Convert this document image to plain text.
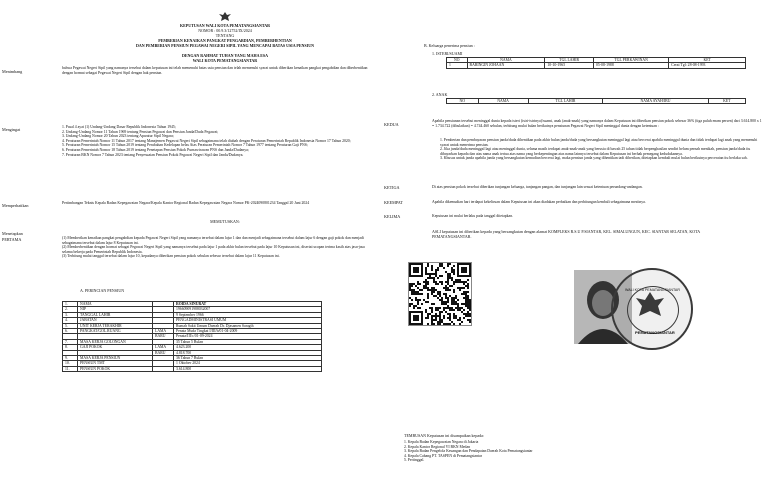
KEPUTUSAN WALI KOTA PEMATANGSIANTAR
NOMOR : 00.9.3/12752/IX/2024
TENTANG
PEMBERIAN KENAIKAN PANGKAT PENGABDIAN, PEMBERHENTIAN
DAN PEMBERIAN PENSIUN PEGAWAI NEGERI SIPIL YANG MENCAPAI BATAS USIA PENSIUN
DENGAN RAHMAT TUHAN YANG MAHA ESA
WALI KOTA PEMATANGSIANTAR
Menimbang
bahwa Pegawai Negeri Sipil yang namanya tersebut dalam keputusan ini telah memenuhi batas usia pensiun dan telah memenuhi syarat untuk diberikan kenaikan pangkat pengabdian dan diberhentikan dengan hormat sebagai Pegawai Negeri Sipil dengan hak pensiun.
Mengingat	1. Pasal 4 ayat (1) Undang-Undang Dasar Republik Indonesia Tahun 1945;

2. Undang-Undang Nomor 11 Tahun 1969 tentang Pensiun Pegawai dan Pensiun Janda/Duda Pegawai;

3. Undang-Undang Nomor 20 Tahun 2023 tentang Aparatur Sipil Negara;

4. Peraturan Pemerintah Nomor 11 Tahun 2017 tentang Manajemen Pegawai Negeri Sipil sebagaimana telah diubah dengan Peraturan Pemerintah Republik Indonesia Nomor 17 Tahun 2020;

5. Peraturan Pemerintah Nomor 15 Tahun 2019 tentang Perubahan Kedelapan belas Atas Peraturan Pemerintah Nomor 7 Tahun 1977 tentang Peraturan Gaji PNS;

6. Peraturan Pemerintah Nomor 18 Tahun 2019 tentang Penetapan Pensiun Pokok Purnawirawan PNS dan Janda/Dudanya;

7. Peraturan BKN Nomor 7 Tahun 2023 tentang Penyesuaian Pensiun Pokok Pegawai Negeri Sipil dan Janda/Dudanya.

Memperhatikan	Pertimbangan Teknis Kepala Badan Kepegawaian Negara/Kepala Kantor Regional Badan Kepegawaian Negara Nomor PK-2024090801234 Tanggal 20 Juni 2024
MEMUTUSKAN:
Menetapkan
PERTAMA	(1) Memberikan kenaikan pangkat pengabdian kepada Pegawai Negeri Sipil yang namanya tersebut dalam lajur 1 dan dan menjadi sebagaimana tersebut dalam lajur 6 dengan gaji pokok dan menjadi sebagaimana tersebut dalam lajur 8 Keputusan ini.

(2) Memberhentikan dengan hormat sebagai Pegawai Negeri Sipil yang namanya tersebut pada lajur 1 pada akhir bulan tersebut pada lajur 10 Keputusan ini, disertai ucapan terima kasih atas jasa-jasa selama bekerja pada Pemerintah Republik Indonesia.

(3) Terhitung mulai tanggal tersebut dalam lajur 10, kepadanya diberikan pensiun pokok sebulan sebesar tersebut dalam lajur 11 Keputusan ini.

A. PERINCIAN PENSIUN
1.	NAMA		ROIDA SINURAT
2.	NIP		196609091988032007
3.	TANGGAL LAHIR		9 September 1966
4.	JABATAN		PENGADMINISTRASI UMUM
5.	UNIT KERJA TERAKHIR		Rumah Sakit Umum Daerah Dr. Djasamen Saragih
6.	PANGKAT/GOL.RUANG	LAMA	Penata Muda Tingkat I/III/b/01-04-2009
		BARU	Penata/III/c/01-09-2024
7.	MASA KERJA GOLONGAN		35 Tahun 5 Bulan
8.	GAJI POKOK	LAMA	4.623.200
		BARU	4.818.700
9.	MASA KERJA PENSIUN		36 Tahun 7 Bulan
10.	PENSIUN TMT		1 Oktober 2024
11.	PENSIUN POKOK		3.614.800
B. Keluarga penerima pensiun :
1. ISTERI/SUAMI
NO	NAMA	TGL LAHIR	TGL PERKAWINAN	KET
1	BARINGIN JOHAAN	10-10-1965	05-08-1988	Cerai Tgl: 28-08-1993
2. ANAK
NO	NAMA	TGL LAHIR	NAMA AYAH/IBU	KET
KEDUA
Apabila pensiunan tersebut meninggal dunia kepada isteri (istri-istrinya)/suami, anak (anak-anak) yang namanya dalam Keputusan ini diberikan pensiun pokok sebesar 36% (tiga puluh enam persen) dari 3.614.800 x 1 = 1.734.722 (dibulatkan) = 4.744.460 sebulan, terhitung mulai bulan berikutnya pensiunan Pegawai Negeri Sipil meninggal dunia dengan ketentuan :

1. Pemberian dan pembayaran pensiun janda/duda dihentikan pada akhir bulan janda/duda yang bersangkutan meninggal lagi atau bercerai apabila meninggal dunia dan tidak terdapat lagi anak yang memenuhi syarat untuk menerima pensiun.

2. Jika janda/duda meninggal lagi atau meninggal dunia, selama masih terdapat anak-anak-anak yang berusia di bawah 25 tahun tidak berpenghasilan sendiri belum pernah menikah, pensiun janda/duda itu dibayarkan kepada dan atas nama anak tertua atas nama yang berkepentingan atas nama lainnya tersebut dalam Keputusan ini berhak pemegang kedudukannya.

3. Khusus untuk janda apabila janda yang bersangkutan kemudian bercerai lagi, maka pensiun janda yang dihentikan tadi diberikan, ditetapkan kembali mulai bulan berikutnya perceraian itu berlaku sah.

KETIGA	Di atas pensiun pokok tersebut diberikan tunjangan keluarga, tunjangan pangan, dan tunjangan lain sesuai ketentuan perundang-undangan.
KEEMPAT	Apabila dikemudian hari terdapat kekeliruan dalam Keputusan ini akan diadakan perbaikan dan perhitungan kembali sebagaimana mestinya.
KELIMA	Keputusan ini mulai berlaku pada tanggal ditetapkan.
ASLI keputusan ini diberikan kepada yang bersangkutan dengan alamat KOMPLEKS R.S.U P.SIANTAR, KEL. SIMALUNGUN, KEC. SIANTAR SELATAN, KOTA PEMATANGSIANTAR.
WALI KOTA PEMATANGSIANTAR
PEMATANGSIANTAR
TEMBUSAN Keputusan ini disampaikan kepada:

1. Kepala Badan Kepegawaian Negara di Jakarta

2. Kepala Kantor Regional VI BKN Medan

3. Kepala Badan Pengelola Keuangan dan Pendapatan Daerah Kota Pematangsiantar

4. Kepala Cabang PT. TASPEN di Pematangsiantar

5. Pertinggal.
